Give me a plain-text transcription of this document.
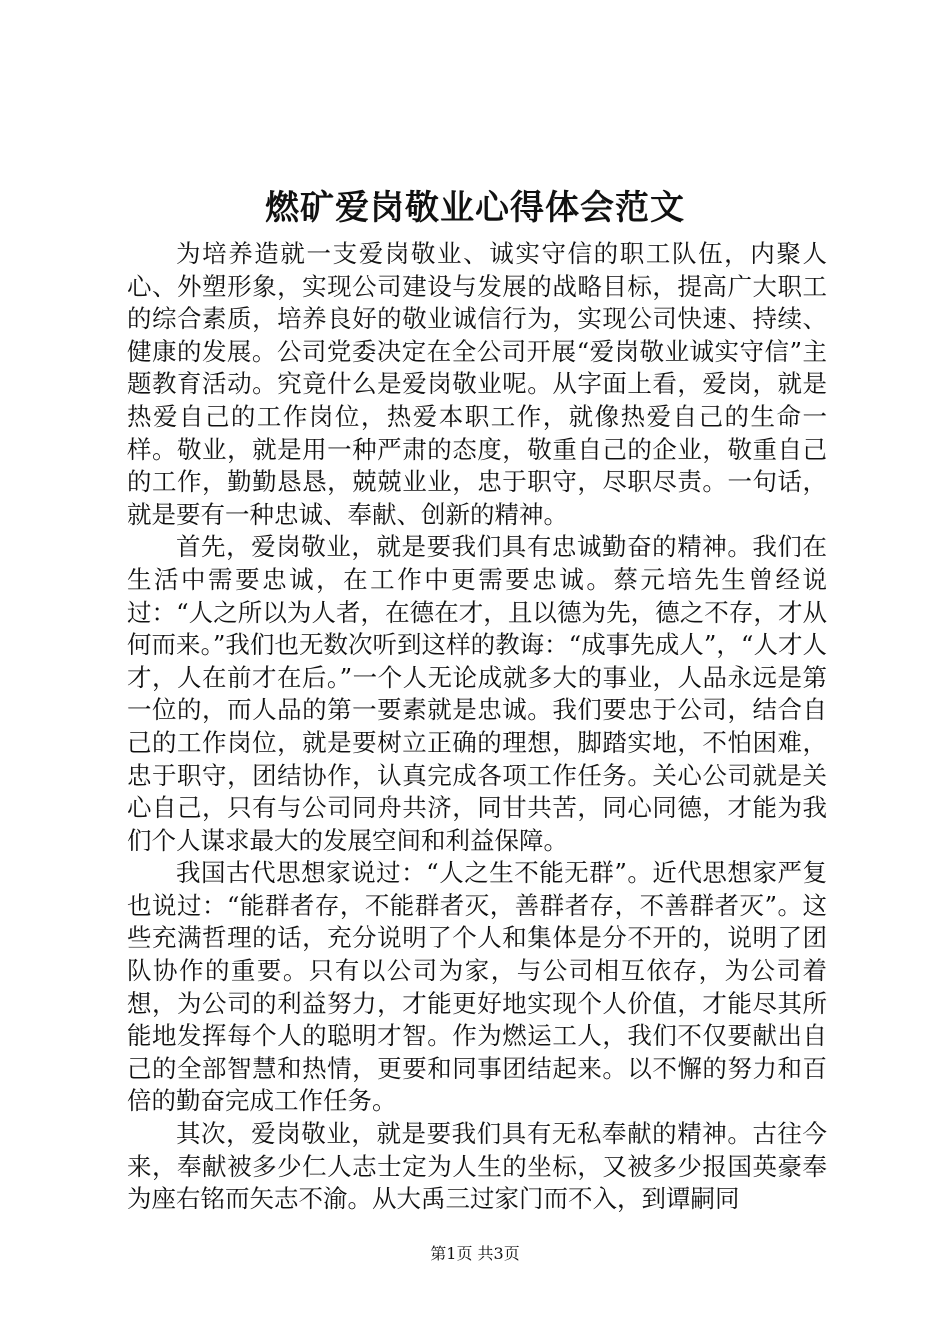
燃矿爱岗敬业心得体会范文

为培养造就一支爱岗敬业、诚实守信的职工队伍，内聚人心、外塑形象，实现公司建设与发展的战略目标，提高广大职工的综合素质，培养良好的敬业诚信行为，实现公司快速、持续、健康的发展。公司党委决定在全公司开展“爱岗敬业诚实守信”主题教育活动。究竟什么是爱岗敬业呢。从字面上看，爱岗，就是热爱自己的工作岗位，热爱本职工作，就像热爱自己的生命一样。敬业，就是用一种严肃的态度，敬重自己的企业，敬重自己的工作，勤勤恳恳，兢兢业业，忠于职守，尽职尽责。一句话，就是要有一种忠诚、奉献、创新的精神。

首先，爱岗敬业，就是要我们具有忠诚勤奋的精神。我们在生活中需要忠诚，在工作中更需要忠诚。蔡元培先生曾经说过：“人之所以为人者，在德在才，且以德为先，德之不存，才从何而来。”我们也无数次听到这样的教诲：“成事先成人”，“人才人才，人在前才在后。”一个人无论成就多大的事业，人品永远是第一位的，而人品的第一要素就是忠诚。我们要忠于公司，结合自己的工作岗位，就是要树立正确的理想，脚踏实地，不怕困难，忠于职守，团结协作，认真完成各项工作任务。关心公司就是关心自己，只有与公司同舟共济，同甘共苦，同心同德，才能为我们个人谋求最大的发展空间和利益保障。

我国古代思想家说过：“人之生不能无群”。近代思想家严复也说过：“能群者存，不能群者灭，善群者存，不善群者灭”。这些充满哲理的话，充分说明了个人和集体是分不开的，说明了团队协作的重要。只有以公司为家，与公司相互依存，为公司着想，为公司的利益努力，才能更好地实现个人价值，才能尽其所能地发挥每个人的聪明才智。作为燃运工人，我们不仅要献出自己的全部智慧和热情，更要和同事团结起来。以不懈的努力和百倍的勤奋完成工作任务。

其次，爱岗敬业，就是要我们具有无私奉献的精神。古往今来，奉献被多少仁人志士定为人生的坐标，又被多少报国英豪奉为座右铭而矢志不渝。从大禹三过家门而不入，到谭嗣同

第1页 共3页
